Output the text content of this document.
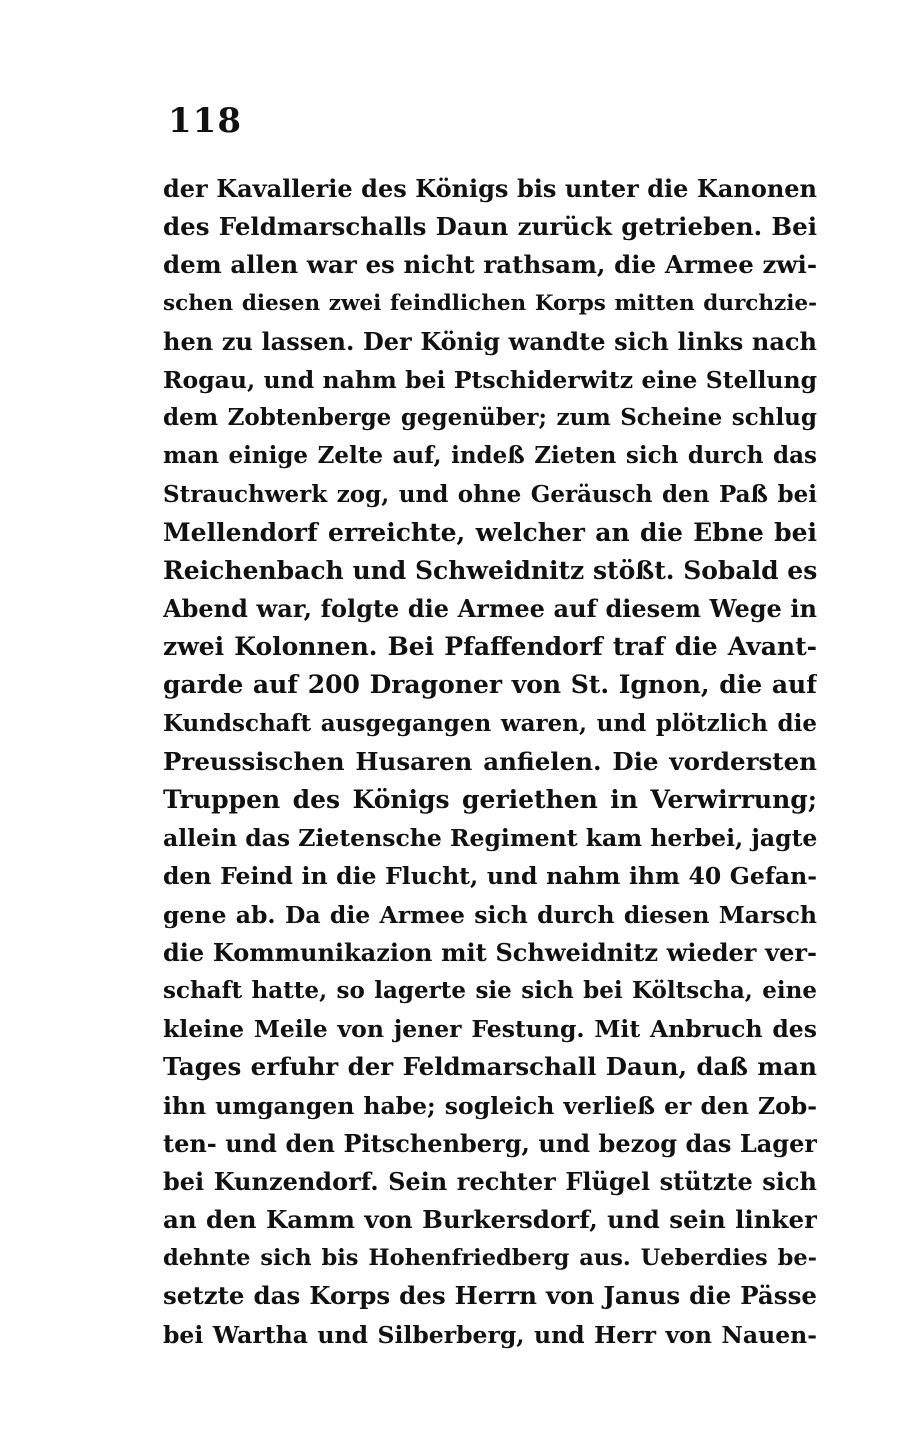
118
der Kavallerie des Königs bis unter die Kanonen
des Feldmarschalls Daun zurück getrieben. Bei
dem allen war es nicht rathsam, die Armee zwi-
schen diesen zwei feindlichen Korps mitten durchzie-
hen zu lassen. Der König wandte sich links nach
Rogau, und nahm bei Ptschiderwitz eine Stellung
dem Zobtenberge gegenüber; zum Scheine schlug
man einige Zelte auf, indeß Zieten sich durch das
Strauchwerk zog, und ohne Geräusch den Paß bei
Mellendorf erreichte, welcher an die Ebne bei
Reichenbach und Schweidnitz stößt. Sobald es
Abend war, folgte die Armee auf diesem Wege in
zwei Kolonnen. Bei Pfaffendorf traf die Avant-
garde auf 200 Dragoner von St. Ignon, die auf
Kundschaft ausgegangen waren, und plötzlich die
Preussischen Husaren anfielen. Die vordersten
Truppen des Königs geriethen in Verwirrung;
allein das Zietensche Regiment kam herbei, jagte
den Feind in die Flucht, und nahm ihm 40 Gefan-
gene ab. Da die Armee sich durch diesen Marsch
die Kommunikazion mit Schweidnitz wieder ver-
schaft hatte, so lagerte sie sich bei Költscha, eine
kleine Meile von jener Festung. Mit Anbruch des
Tages erfuhr der Feldmarschall Daun, daß man
ihn umgangen habe; sogleich verließ er den Zob-
ten- und den Pitschenberg, und bezog das Lager
bei Kunzendorf. Sein rechter Flügel stützte sich
an den Kamm von Burkersdorf, und sein linker
dehnte sich bis Hohenfriedberg aus. Ueberdies be-
setzte das Korps des Herrn von Janus die Pässe
bei Wartha und Silberberg, und Herr von Nauen-
